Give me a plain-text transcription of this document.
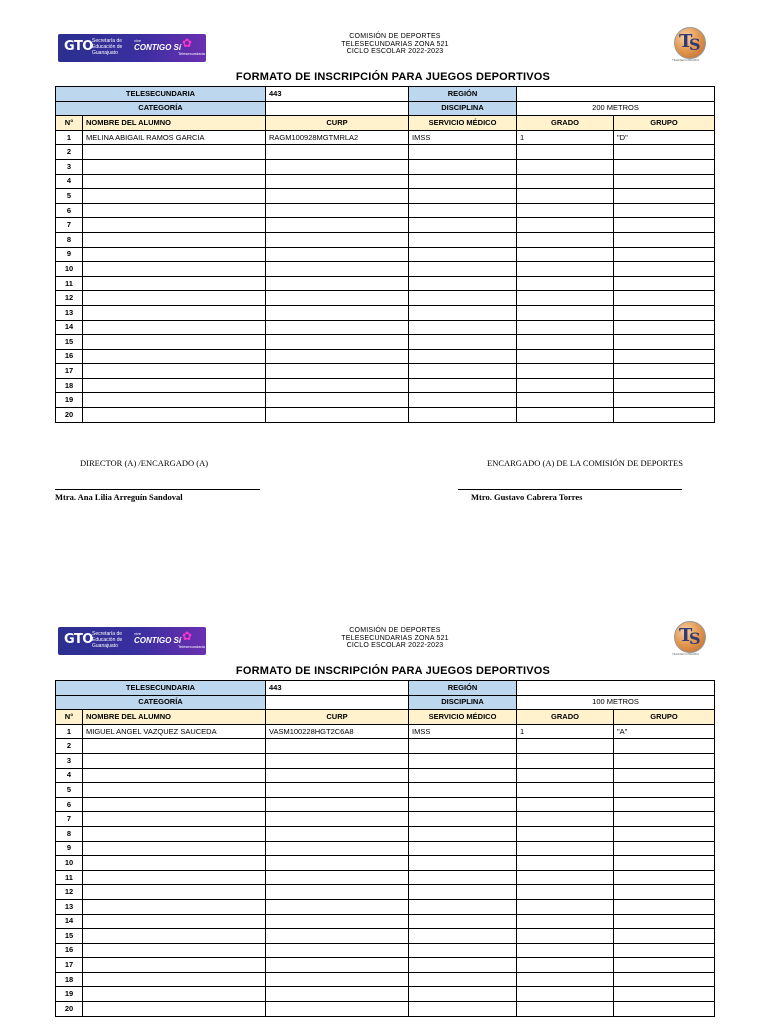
GTO Secretaría de Educación de Guanajuato
vive
CONTIGO Sí ✿
Telesecundaria
COMISIÓN DE DEPORTES
TELESECUNDARIAS ZONA 521
CICLO ESCOLAR 2022-2023	T
S
TELESECUNDARIA
FORMATO DE INSCRIPCIÓN PARA JUEGOS DEPORTIVOS
TELESECUNDARIA		443	REGIÓN		
CATEGORÍA			DISCIPLINA	200 METROS	
N°	NOMBRE DEL ALUMNO	CURP	SERVICIO MÉDICO	GRADO	GRUPO
1	MELINA ABIGAIL RAMOS GARCIA	RAGM100928MGTMRLA2	IMSS	1	"D"
2					
3					
4					
5					
6					
7					
8					
9					
10					
11					
12					
13					
14					
15					
16					
17					
18					
19					
20					
DIRECTOR (A) /ENCARGADO (A)	ENCARGADO (A) DE LA COMISIÓN DE DEPORTES
Mtra. Ana Lilia Arreguín Sandoval	Mtro. Gustavo Cabrera Torres
GTO Secretaría de Educación de Guanajuato
vive
CONTIGO Sí ✿
Telesecundaria
COMISIÓN DE DEPORTES
TELESECUNDARIAS ZONA 521
CICLO ESCOLAR 2022-2023	T
S
TELESECUNDARIA
FORMATO DE INSCRIPCIÓN PARA JUEGOS DEPORTIVOS
TELESECUNDARIA		443	REGIÓN		
CATEGORÍA			DISCIPLINA	100 METROS	
N°	NOMBRE DEL ALUMNO	CURP	SERVICIO MÉDICO	GRADO	GRUPO
1	MIGUEL ANGEL VAZQUEZ SAUCEDA	VASM100228HGT2C6A8	IMSS	1	"A"
2					
3					
4					
5					
6					
7					
8					
9					
10					
11					
12					
13					
14					
15					
16					
17					
18					
19					
20					
